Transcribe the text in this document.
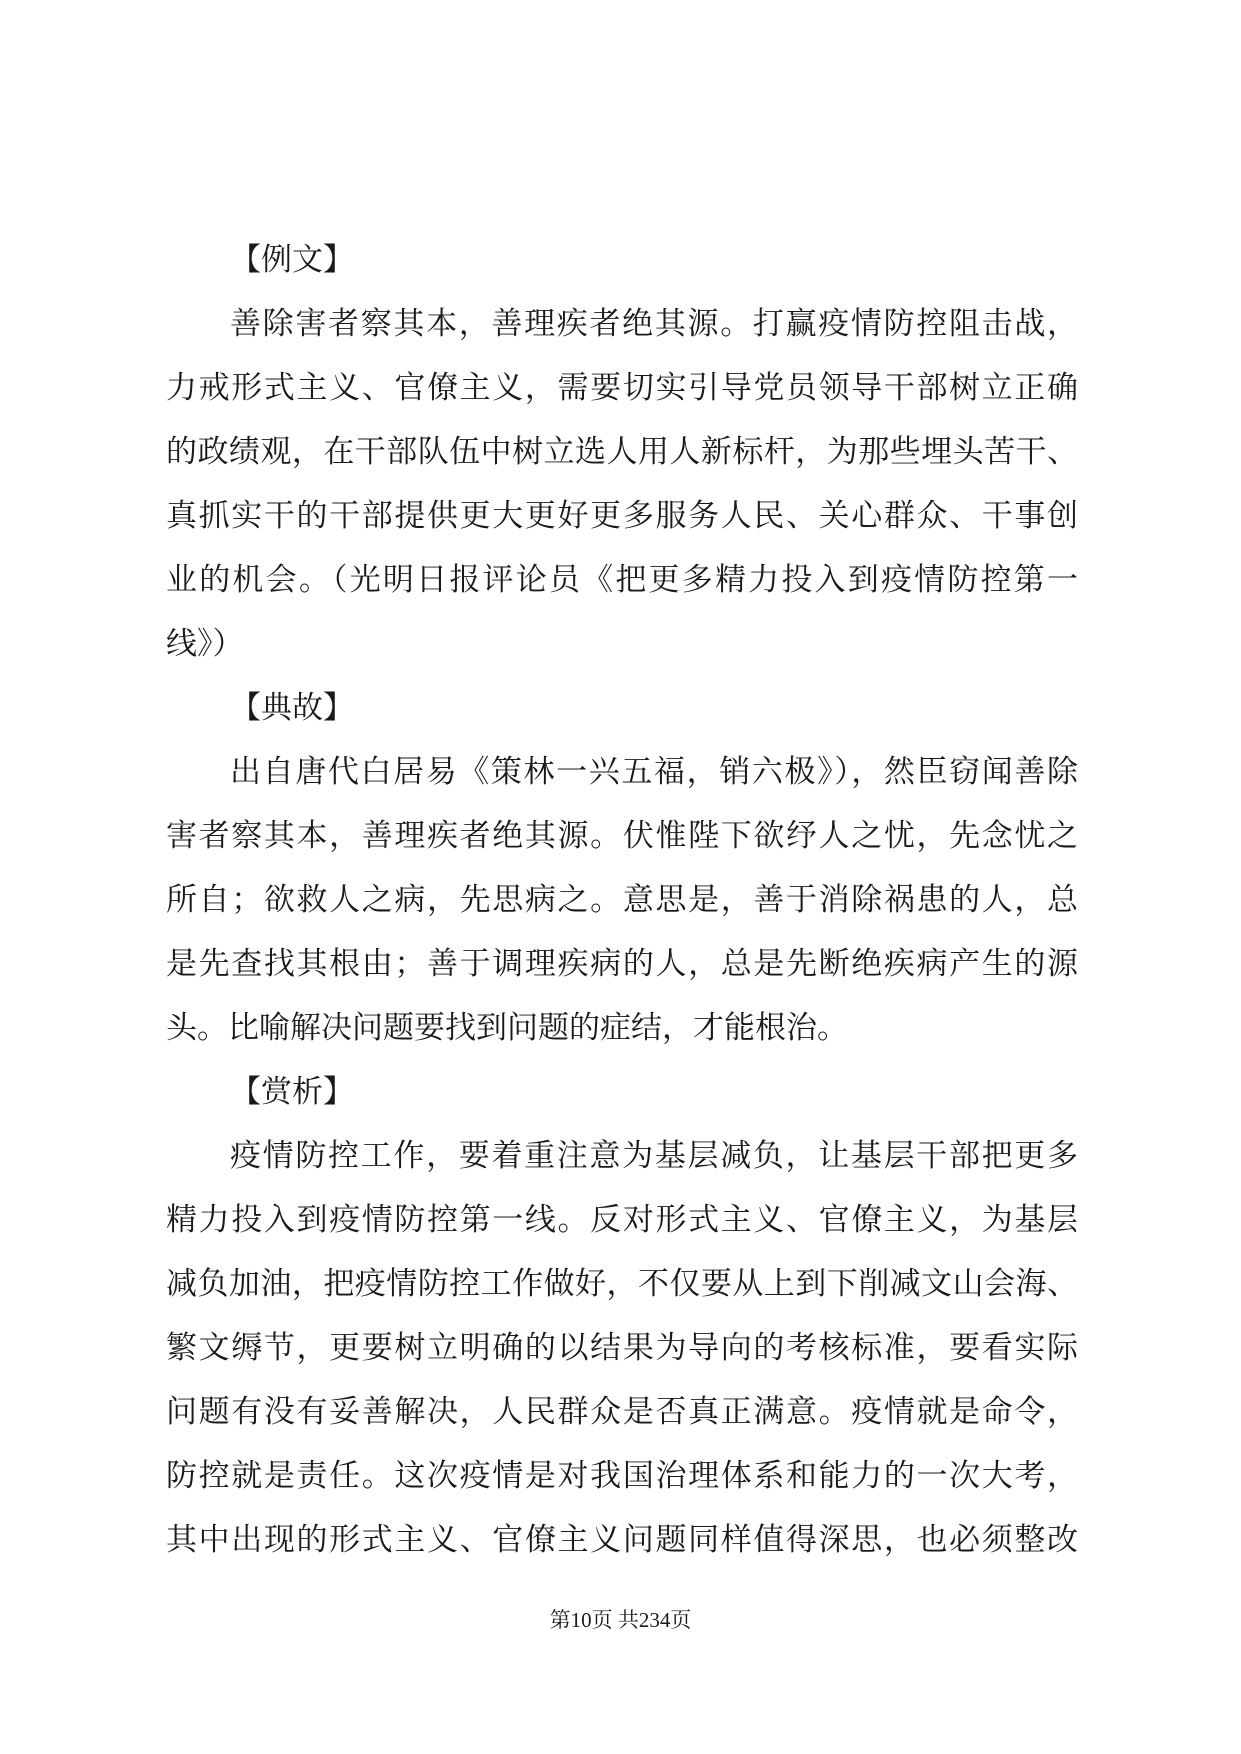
【例文】
善除害者察其本，善理疾者绝其源。打赢疫情防控阻击战，
力戒形式主义、官僚主义，需要切实引导党员领导干部树立正确
的政绩观，在干部队伍中树立选人用人新标杆，为那些埋头苦干、
真抓实干的干部提供更大更好更多服务人民、关心群众、干事创
业的机会。（光明日报评论员《把更多精力投入到疫情防控第一
线》）
【典故】
出自唐代白居易《策林一兴五福，销六极》），然臣窃闻善除
害者察其本，善理疾者绝其源。伏惟陛下欲纾人之忧，先念忧之
所自；欲救人之病，先思病之。意思是，善于消除祸患的人，总
是先查找其根由；善于调理疾病的人，总是先断绝疾病产生的源
头。比喻解决问题要找到问题的症结，才能根治。
【赏析】
疫情防控工作，要着重注意为基层减负，让基层干部把更多
精力投入到疫情防控第一线。反对形式主义、官僚主义，为基层
减负加油，把疫情防控工作做好，不仅要从上到下削减文山会海、
繁文缛节，更要树立明确的以结果为导向的考核标准，要看实际
问题有没有妥善解决，人民群众是否真正满意。疫情就是命令，
防控就是责任。这次疫情是对我国治理体系和能力的一次大考，
其中出现的形式主义、官僚主义问题同样值得深思，也必须整改
第10页 共234页
